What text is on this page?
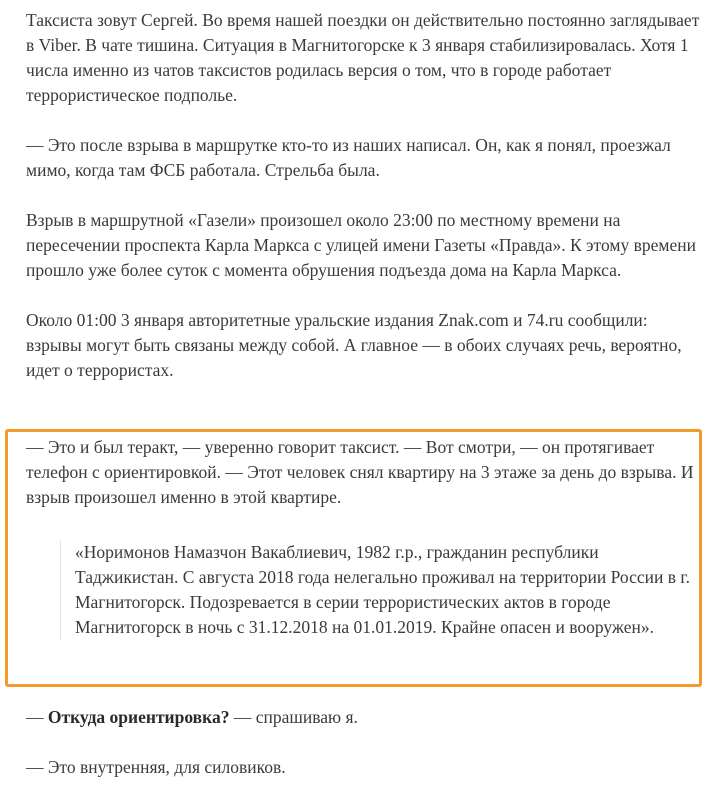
Таксиста зовут Сергей. Во время нашей поездки он действительно постоянно заглядывает в Viber. В чате тишина. Ситуация в Магнитогорске к 3 января стабилизировалась. Хотя 1 числа именно из чатов таксистов родилась версия о том, что в городе работает террористическое подполье.

— Это после взрыва в маршрутке кто-то из наших написал. Он, как я понял, проезжал мимо, когда там ФСБ работала. Стрельба была.

Взрыв в маршрутной «Газели» произошел около 23:00 по местному времени на пересечении проспекта Карла Маркса с улицей имени Газеты «Правда». К этому времени прошло уже более суток с момента обрушения подъезда дома на Карла Маркса.

Около 01:00 3 января авторитетные уральские издания Znak.com и 74.ru сообщили: взрывы могут быть связаны между собой. А главное — в обоих случаях речь, вероятно, идет о террористах.

— Это и был теракт, — уверенно говорит таксист. — Вот смотри, — он протягивает телефон с ориентировкой. — Этот человек снял квартиру на 3 этаже за день до взрыва. И взрыв произошел именно в этой квартире.

«Норимонов Намазчон Вакаблиевич, 1982 г.р., гражданин республики Таджикистан. С августа 2018 года нелегально проживал на территории России в г. Магнитогорск. Подозревается в серии террористических актов в городе Магнитогорск в ночь с 31.12.2018 на 01.01.2019. Крайне опасен и вооружен».

— Откуда ориентировка? — спрашиваю я.

— Это внутренняя, для силовиков.
